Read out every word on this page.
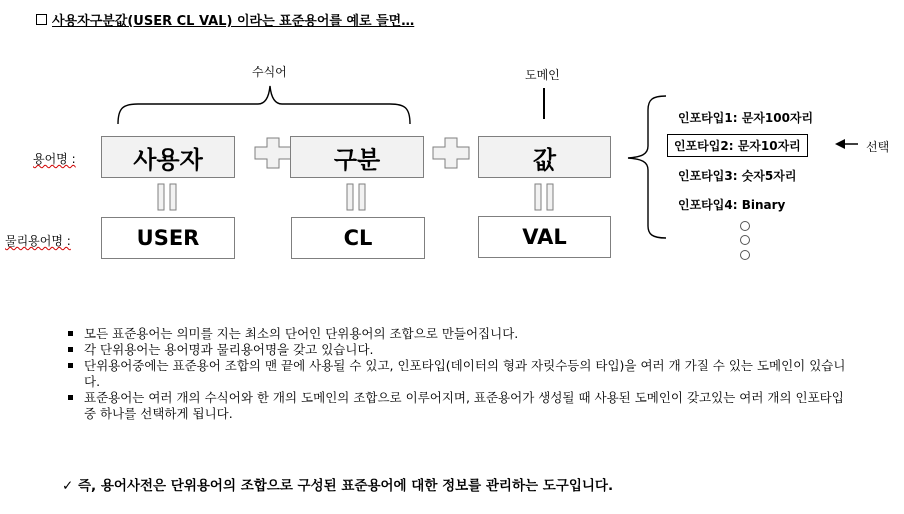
사용자구분값(USER CL VAL) 이라는 표준용어를 예로 들면…
수식어	도메인
용어명 :
물리용어명 :
사용자	구분	값
USER	CL	VAL
인포타입1: 문자100자리
인포타입2: 문자10자리
인포타입3: 숫자5자리
인포타입4: Binary
선택
모든 표준용어는 의미를 지는 최소의 단어인 단위용어의 조합으로 만들어집니다.
각 단위용어는 용어명과 물리용어명을 갖고 있습니다.
단위용어중에는 표준용어 조합의 맨 끝에 사용될 수 있고, 인포타입(데이터의 형과 자릿수등의 타입)을 여러 개 가질 수 있는 도메인이 있습니다.
표준용어는 여러 개의 수식어와 한 개의 도메인의 조합으로 이루어지며, 표준용어가 생성될 때 사용된 도메인이 갖고있는 여러 개의 인포타입 중 하나를 선택하게 됩니다.
✓ 즉, 용어사전은 단위용어의 조합으로 구성된 표준용어에 대한 정보를 관리하는 도구입니다.
